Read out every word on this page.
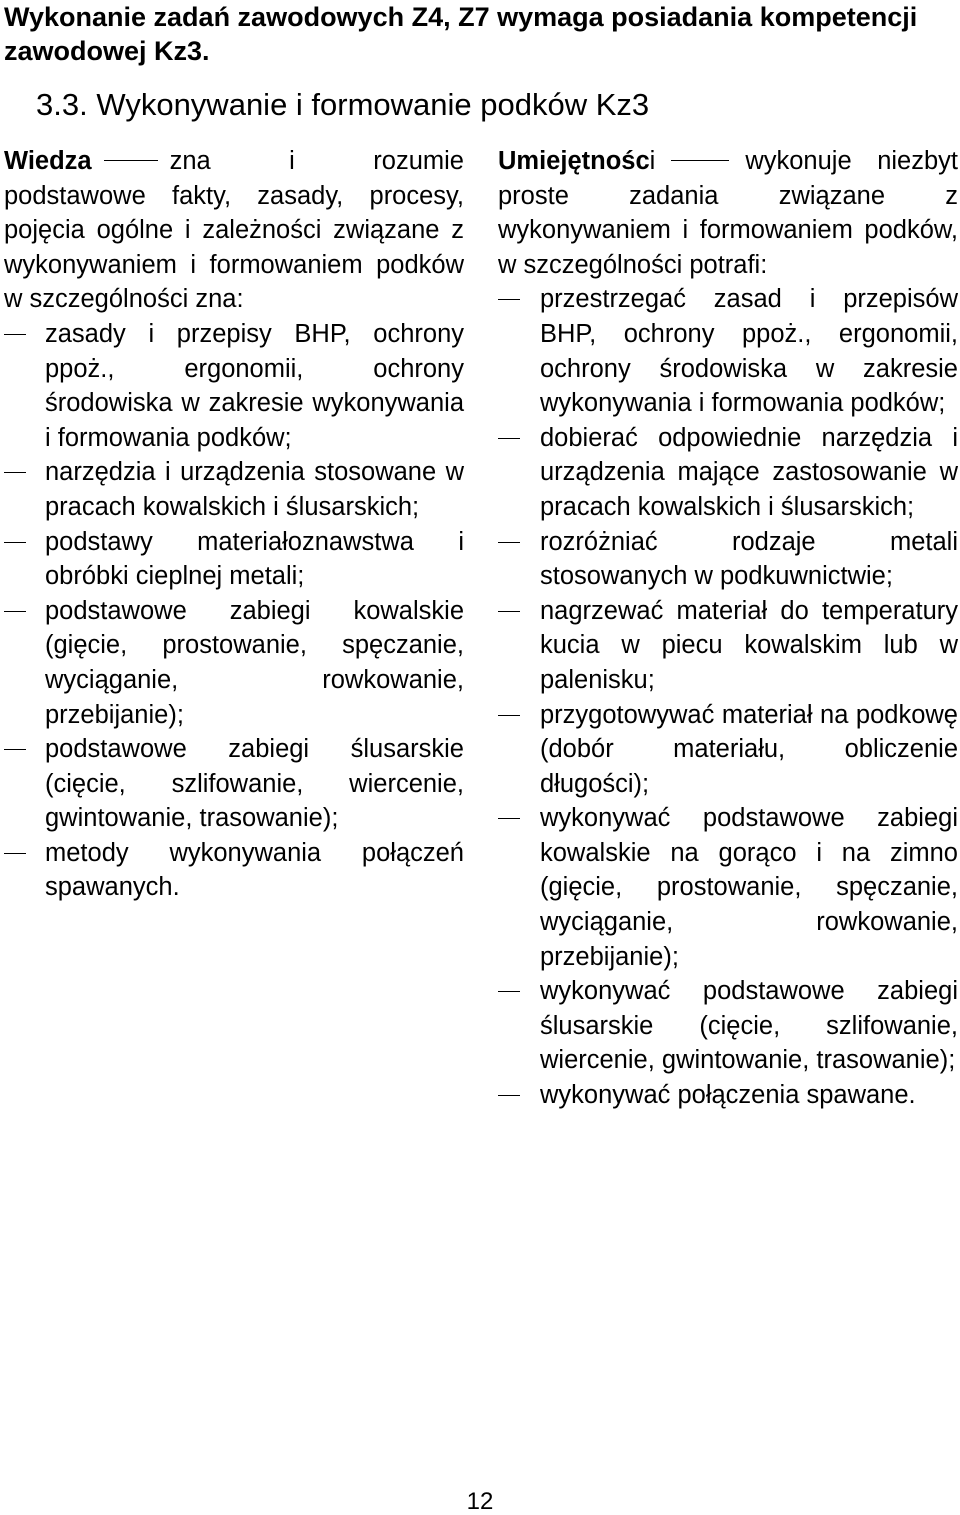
Wykonanie zadań zawodowych Z4, Z7 wymaga posiadania kompetencji zawodowej Kz3.
3.3. Wykonywanie i formowanie podków Kz3

Wiedza	zna i rozumie podstawowe fakty, zasady, procesy, pojęcia ogólne i zależności związane z wykonywaniem i formowaniem podków w szczególności zna:

zasady i przepisy BHP, ochrony ppoż., ergonomii, ochrony środowiska w zakresie wykonywania i formowania podków;
narzędzia i urządzenia stosowane w pracach kowalskich i ślusarskich;
podstawy materiałoznawstwa i obróbki cieplnej metali;
podstawowe zabiegi kowalskie (gięcie, prostowanie, spęczanie, wyciąganie, rowkowanie, przebijanie);
podstawowe zabiegi ślusarskie (cięcie, szlifowanie, wiercenie, gwintowanie, trasowanie);
metody wykonywania połączeń spawanych.

Umiejętności	wykonuje niezbyt proste zadania związane z wykonywaniem i formowaniem podków, w szczególności potrafi:

przestrzegać zasad i przepisów BHP, ochrony ppoż., ergonomii, ochrony środowiska w zakresie wykonywania i formowania podków;
dobierać odpowiednie narzędzia i urządzenia mające zastosowanie w pracach kowalskich i ślusarskich;
rozróżniać rodzaje metali stosowanych w podkuwnictwie;
nagrzewać materiał do temperatury kucia w piecu kowalskim lub w palenisku;
przygotowywać materiał na podkowę (dobór materiału, obliczenie długości);
wykonywać podstawowe zabiegi kowalskie na gorąco i na zimno (gięcie, prostowanie, spęczanie, wyciąganie, rowkowanie, przebijanie);
wykonywać podstawowe zabiegi ślusarskie (cięcie, szlifowanie, wiercenie, gwintowanie, trasowanie);
wykonywać połączenia spawane.
12
